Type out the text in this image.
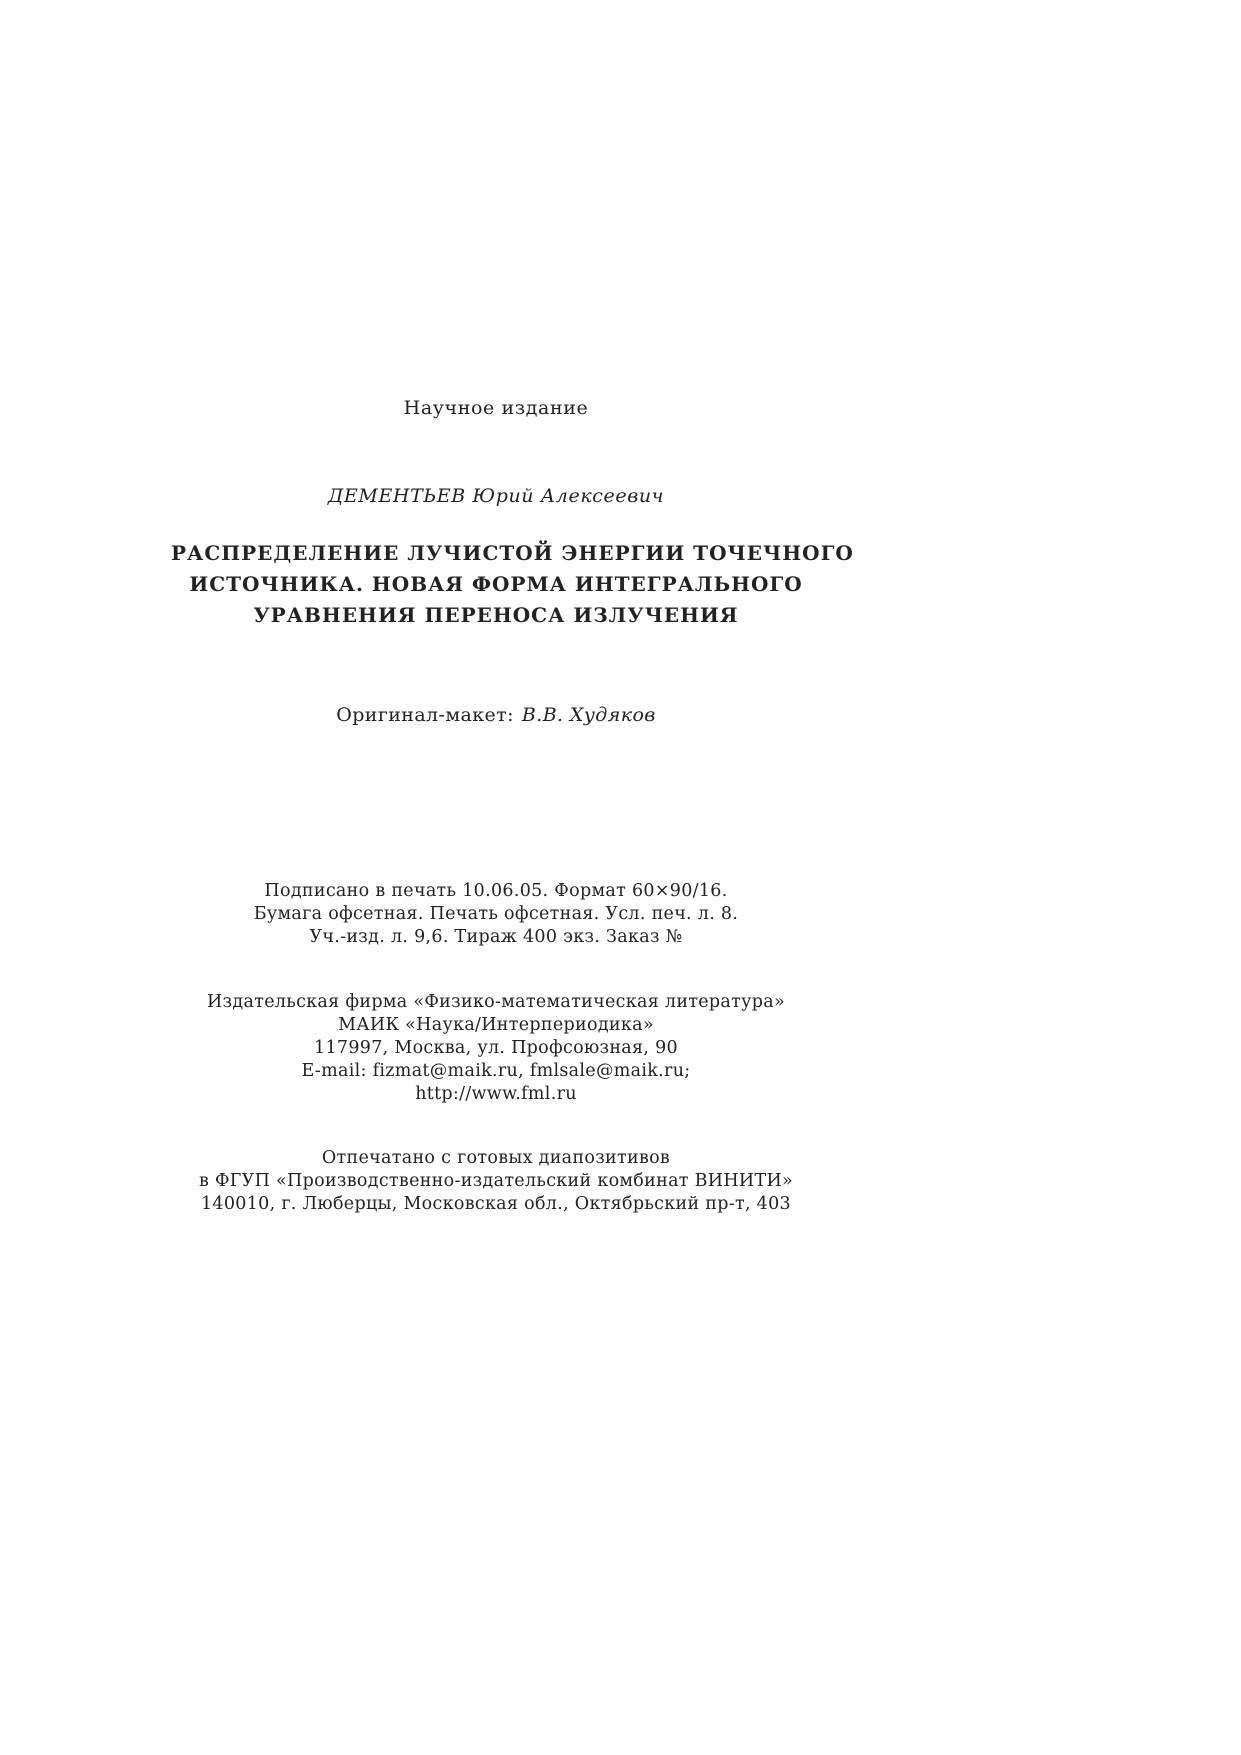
Научное издание
ДЕМЕНТЬЕВ Юрий Алексеевич
РАСПРЕДЕЛЕНИЕ ЛУЧИСТОЙ ЭНЕРГИИ ТОЧЕЧНОГО
ИСТОЧНИКА. НОВАЯ ФОРМА ИНТЕГРАЛЬНОГО
УРАВНЕНИЯ ПЕРЕНОСА ИЗЛУЧЕНИЯ
Оригинал-макет: В.В. Худяков
Подписано в печать 10.06.05. Формат 60×90/16.
Бумага офсетная. Печать офсетная. Усл. печ. л. 8.
Уч.-изд. л. 9,6. Тираж 400 экз. Заказ №
Издательская фирма «Физико-математическая литература»
МАИК «Наука/Интерпериодика»
117997, Москва, ул. Профсоюзная, 90
E-mail: fizmat@maik.ru, fmlsale@maik.ru;
http://www.fml.ru
Отпечатано с готовых диапозитивов
в ФГУП «Производственно-издательский комбинат ВИНИТИ»
140010, г. Люберцы, Московская обл., Октябрьский пр-т, 403
